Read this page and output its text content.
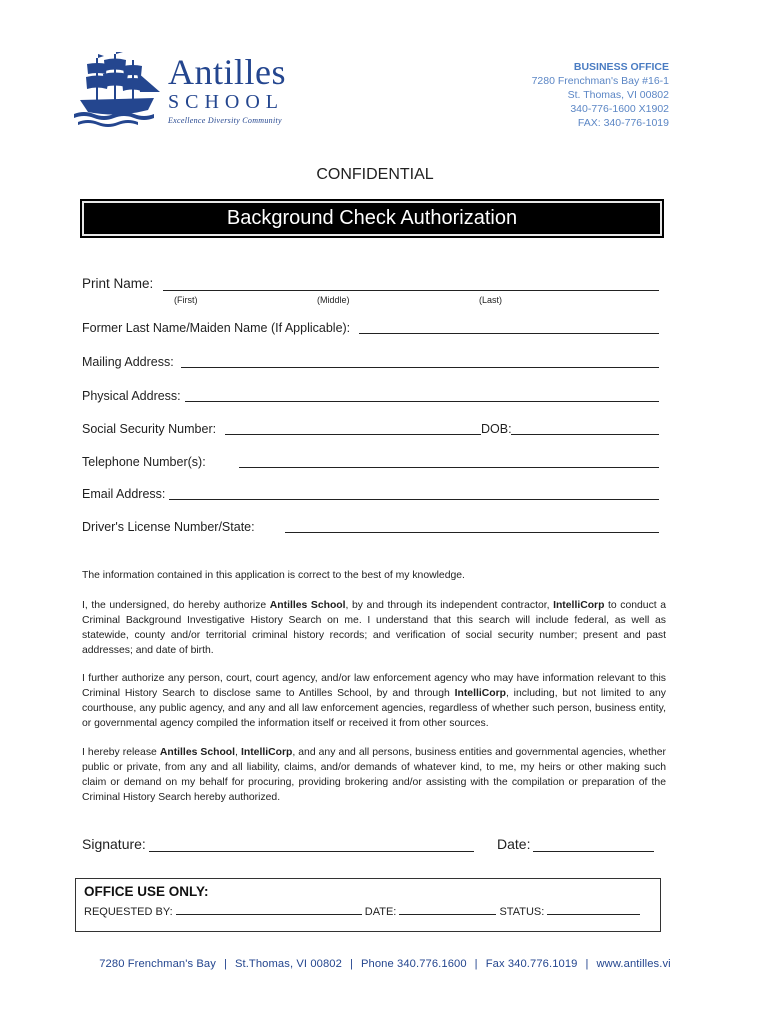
Antilles
SCHOOL
Excellence Diversity Community
BUSINESS OFFICE
7280 Frenchman's Bay #16-1
St. Thomas, VI 00802
340-776-1600 X1902
FAX: 340-776-1019
CONFIDENTIAL
Background Check Authorization
Print Name:
(First)	(Middle)	(Last)
Former Last Name/Maiden Name (If Applicable):
Mailing Address:
Physical Address:
Social Security Number:	DOB:
Telephone Number(s):
Email Address:
Driver's License Number/State:
The information contained in this application is correct to the best of my knowledge.
I, the undersigned, do hereby authorize Antilles School, by and through its independent contractor, IntelliCorp to conduct a Criminal Background Investigative History Search on me. I understand that this search will include federal, as well as statewide, county and/or territorial criminal history records; and verification of social security number; present and past addresses; and date of birth.
I further authorize any person, court, court agency, and/or law enforcement agency who may have information relevant to this Criminal History Search to disclose same to Antilles School, by and through IntelliCorp, including, but not limited to any courthouse, any public agency, and any and all law enforcement agencies, regardless of whether such person, business entity, or governmental agency compiled the information itself or received it from other sources.
I hereby release Antilles School, IntelliCorp, and any and all persons, business entities and governmental agencies, whether public or private, from any and all liability, claims, and/or demands of whatever kind, to me, my heirs or other making such claim or demand on my behalf for procuring, providing brokering and/or assisting with the compilation or preparation of the Criminal History Search hereby authorized.
Signature:	Date:
OFFICE USE ONLY:
REQUESTED BY:	DATE:	STATUS:
7280 Frenchman's Bay | St.Thomas, VI 00802 | Phone 340.776.1600 | Fax 340.776.1019 | www.antilles.vi
